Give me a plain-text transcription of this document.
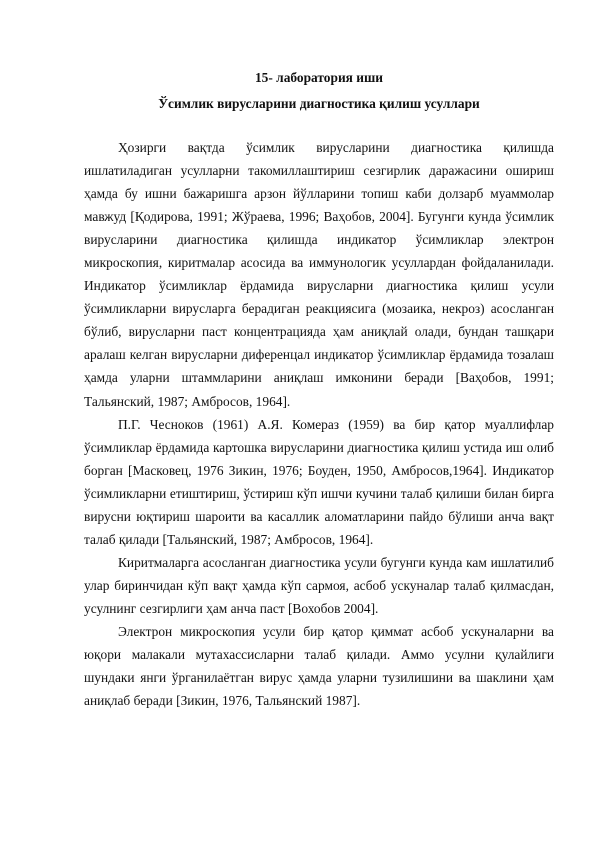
15- лаборатория иши

Ўсимлик вирусларини диагностика қилиш усуллари

Ҳозирги вақтда ўсимлик вирусларини диагностика қилишда ишлатиладиган усулларни такомиллаштириш сезгирлик даражасини ошириш ҳамда бу ишни бажаришга арзон йўлларини топиш каби долзарб муаммолар мавжуд [Қодирова, 1991; Жўраева, 1996; Ваҳобов, 2004]. Бугунги кунда ўсимлик вирусларини диагностика қилишда индикатор ўсимликлар электрон микроскопия, киритмалар асосида ва иммунологик усуллардан фойдаланилади. Индикатор ўсимликлар ёрдамида вирусларни диагностика қилиш усули ўсимликларни вирусларга берадиган реакциясига (мозаика, некроз) асосланган бўлиб, вирусларни паст концентрацияда ҳам аниқлай олади, бундан ташқари аралаш келган вирусларни диференцал индикатор ўсимликлар ёрдамида тозалаш ҳамда уларни штаммларини аниқлаш имконини беради [Ваҳобов, 1991; Тальянский, 1987; Амбросов, 1964].

П.Г. Чесноков (1961) А.Я. Комераз (1959) ва бир қатор муаллифлар ўсимликлар ёрдамида картошка вирусларини диагностика қилиш устида иш олиб борган [Масковец, 1976 Зикин, 1976; Боуден, 1950, Амбросов,1964]. Индикатор ўсимликларни етиштириш, ўстириш кўп ишчи кучини талаб қилиши билан бирга вирусни юқтириш шароити ва касаллик аломатларини пайдо бўлиши анча вақт талаб қилади [Тальянский, 1987; Амбросов, 1964].

Киритмаларга асосланган диагностика усули бугунги кунда кам ишлатилиб улар биринчидан кўп вақт ҳамда кўп сармоя, асбоб ускуналар талаб қилмасдан, усулнинг сезгирлиги ҳам анча паст [Вохобов 2004].

Электрон микроскопия усули бир қатор қиммат асбоб ускуналарни ва юқори малакали мутахассисларни талаб қилади. Аммо усулни қулайлиги шундаки янги ўрганилаётган вирус ҳамда уларни тузилишини ва шаклини ҳам аниқлаб беради [Зикин, 1976, Тальянский 1987].
